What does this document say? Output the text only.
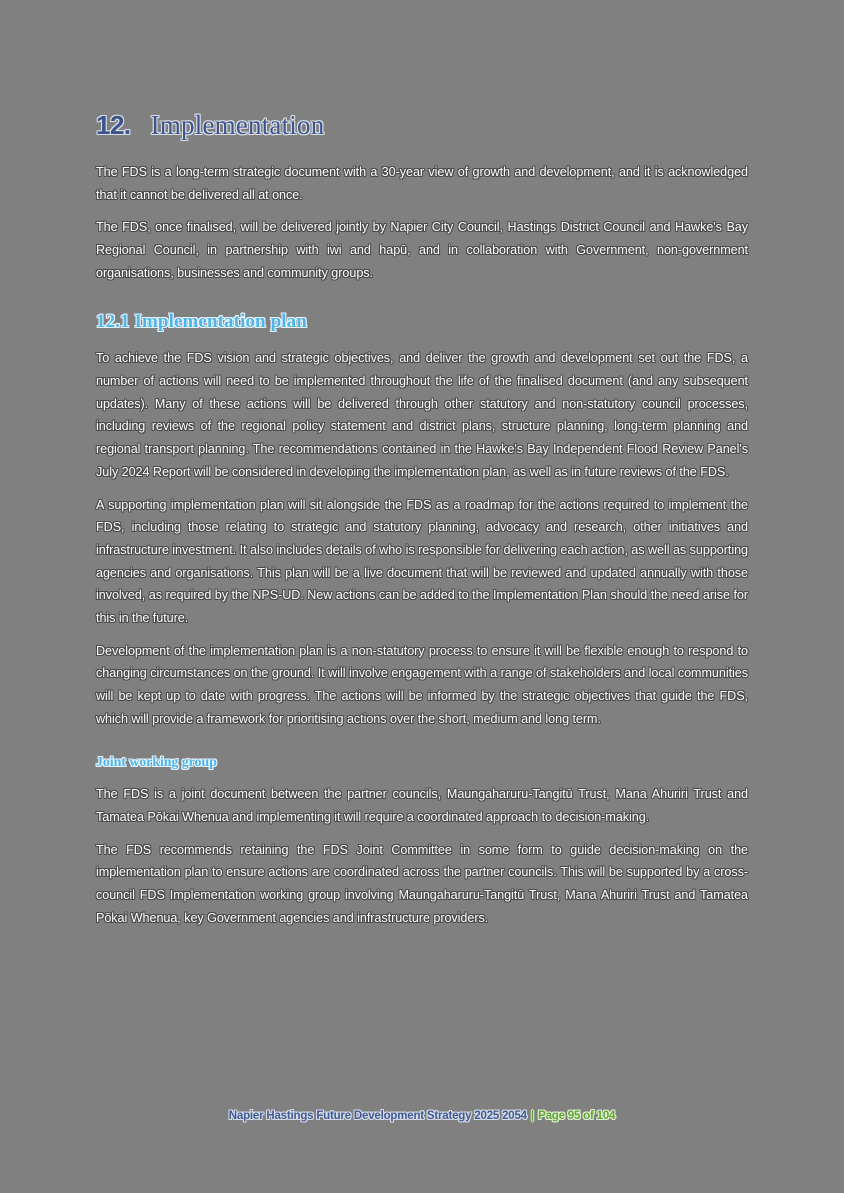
12. Implementation

The FDS is a long-term strategic document with a 30-year view of growth and development, and it is acknowledged that it cannot be delivered all at once.

The FDS, once finalised, will be delivered jointly by Napier City Council, Hastings District Council and Hawke's Bay Regional Council, in partnership with iwi and hapū, and in collaboration with Government, non-government organisations, businesses and community groups.

12.1 Implementation plan

To achieve the FDS vision and strategic objectives, and deliver the growth and development set out the FDS, a number of actions will need to be implemented throughout the life of the finalised document (and any subsequent updates). Many of these actions will be delivered through other statutory and non-statutory council processes, including reviews of the regional policy statement and district plans, structure planning, long-term planning and regional transport planning. The recommendations contained in the Hawke's Bay Independent Flood Review Panel's July 2024 Report will be considered in developing the implementation plan, as well as in future reviews of the FDS.

A supporting implementation plan will sit alongside the FDS as a roadmap for the actions required to implement the FDS, including those relating to strategic and statutory planning, advocacy and research, other initiatives and infrastructure investment. It also includes details of who is responsible for delivering each action, as well as supporting agencies and organisations. This plan will be a live document that will be reviewed and updated annually with those involved, as required by the NPS-UD. New actions can be added to the Implementation Plan should the need arise for this in the future.

Development of the implementation plan is a non-statutory process to ensure it will be flexible enough to respond to changing circumstances on the ground. It will involve engagement with a range of stakeholders and local communities will be kept up to date with progress. The actions will be informed by the strategic objectives that guide the FDS, which will provide a framework for prioritising actions over the short, medium and long term.

Joint working group

The FDS is a joint document between the partner councils, Maungaharuru-Tangitū Trust, Mana Ahuriri Trust and Tamatea Pōkai Whenua and implementing it will require a coordinated approach to decision-making.

The FDS recommends retaining the FDS Joint Committee in some form to guide decision-making on the implementation plan to ensure actions are coordinated across the partner councils. This will be supported by a cross-council FDS Implementation working group involving Maungaharuru-Tangitū Trust, Mana Ahuriri Trust and Tamatea Pōkai Whenua, key Government agencies and infrastructure providers.

Napier Hastings Future Development Strategy 2025 2054 | Page 95 of 104
